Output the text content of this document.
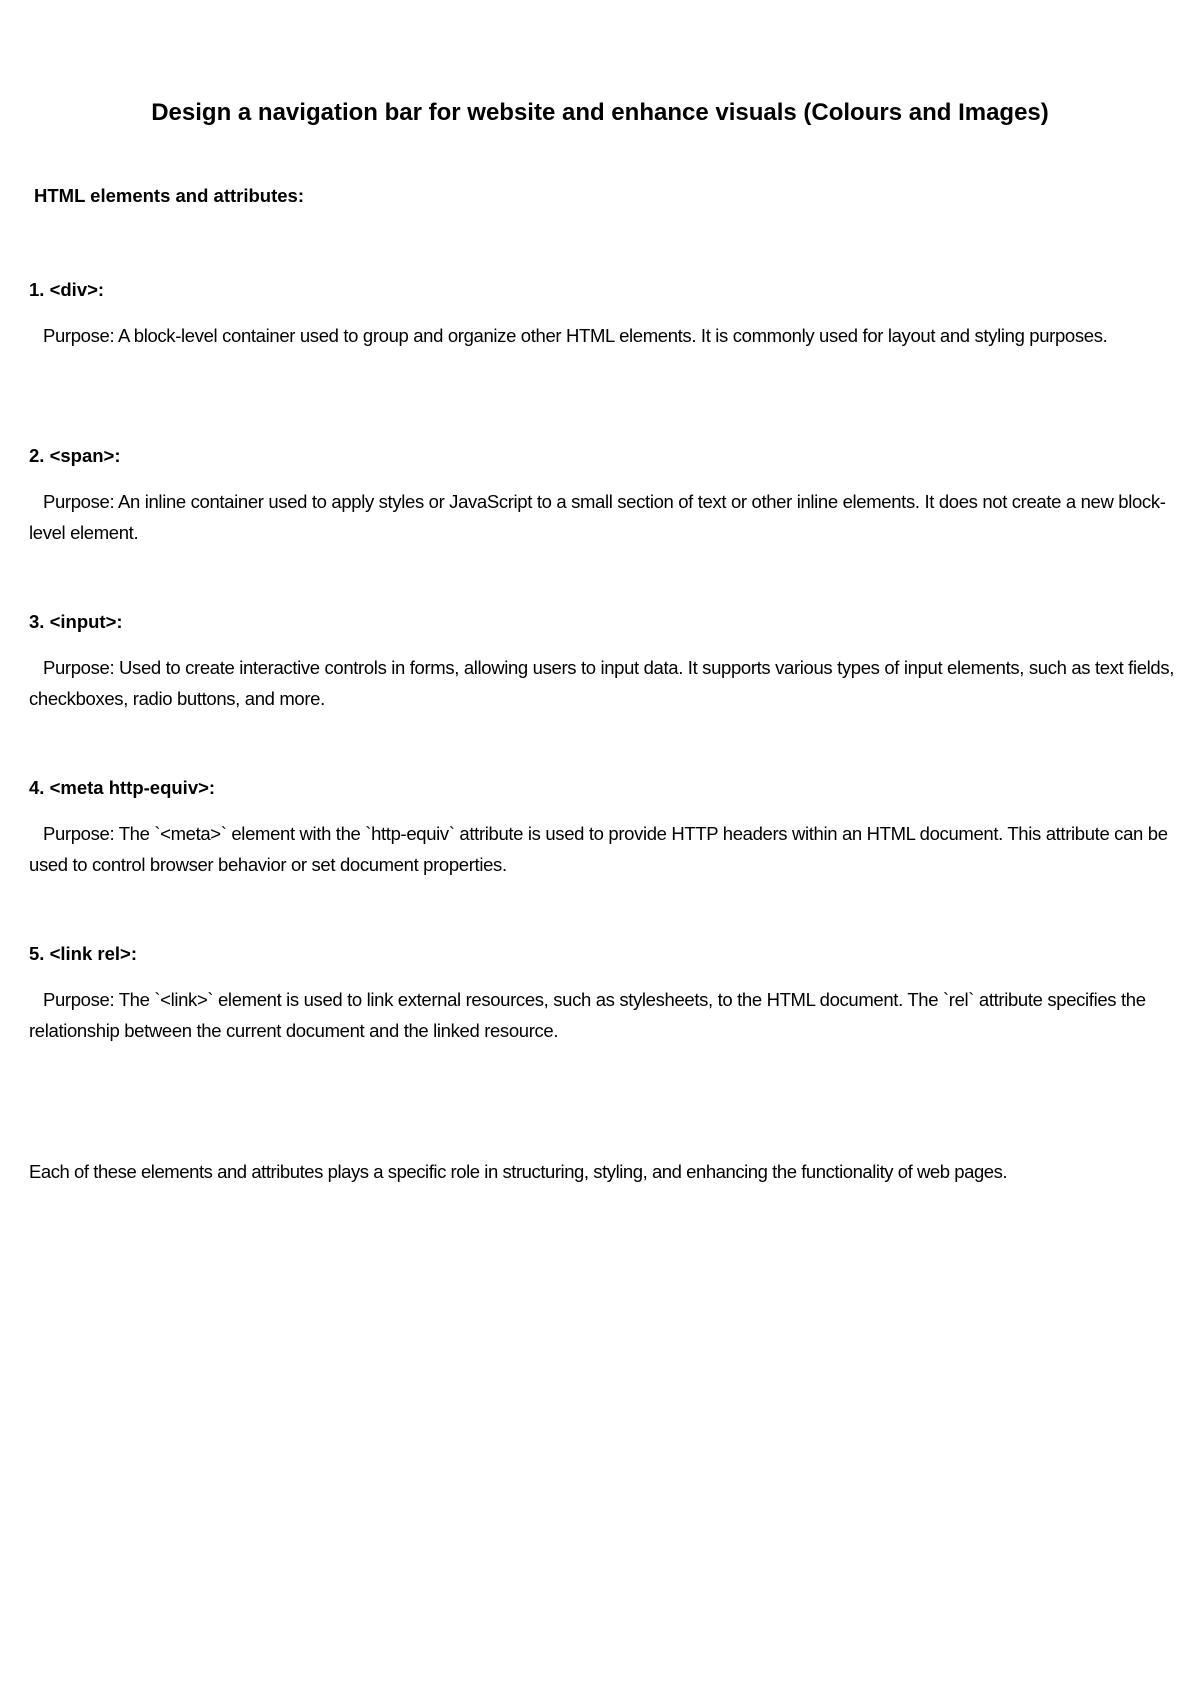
Design a navigation bar for website and enhance visuals (Colours and Images)
HTML elements and attributes:

1. <div>:

Purpose: A block-level container used to group and organize other HTML elements. It is commonly used for layout and styling purposes.

2. <span>:

Purpose: An inline container used to apply styles or JavaScript to a small section of text or other inline elements. It does not create a new block-level element.

3. <input>:

Purpose: Used to create interactive controls in forms, allowing users to input data. It supports various types of input elements, such as text fields, checkboxes, radio buttons, and more.

4. <meta http-equiv>:

Purpose: The `<meta>` element with the `http-equiv` attribute is used to provide HTTP headers within an HTML document. This attribute can be used to control browser behavior or set document properties.

5. <link rel>:

Purpose: The `<link>` element is used to link external resources, such as stylesheets, to the HTML document. The `rel` attribute specifies the relationship between the current document and the linked resource.

Each of these elements and attributes plays a specific role in structuring, styling, and enhancing the functionality of web pages.
